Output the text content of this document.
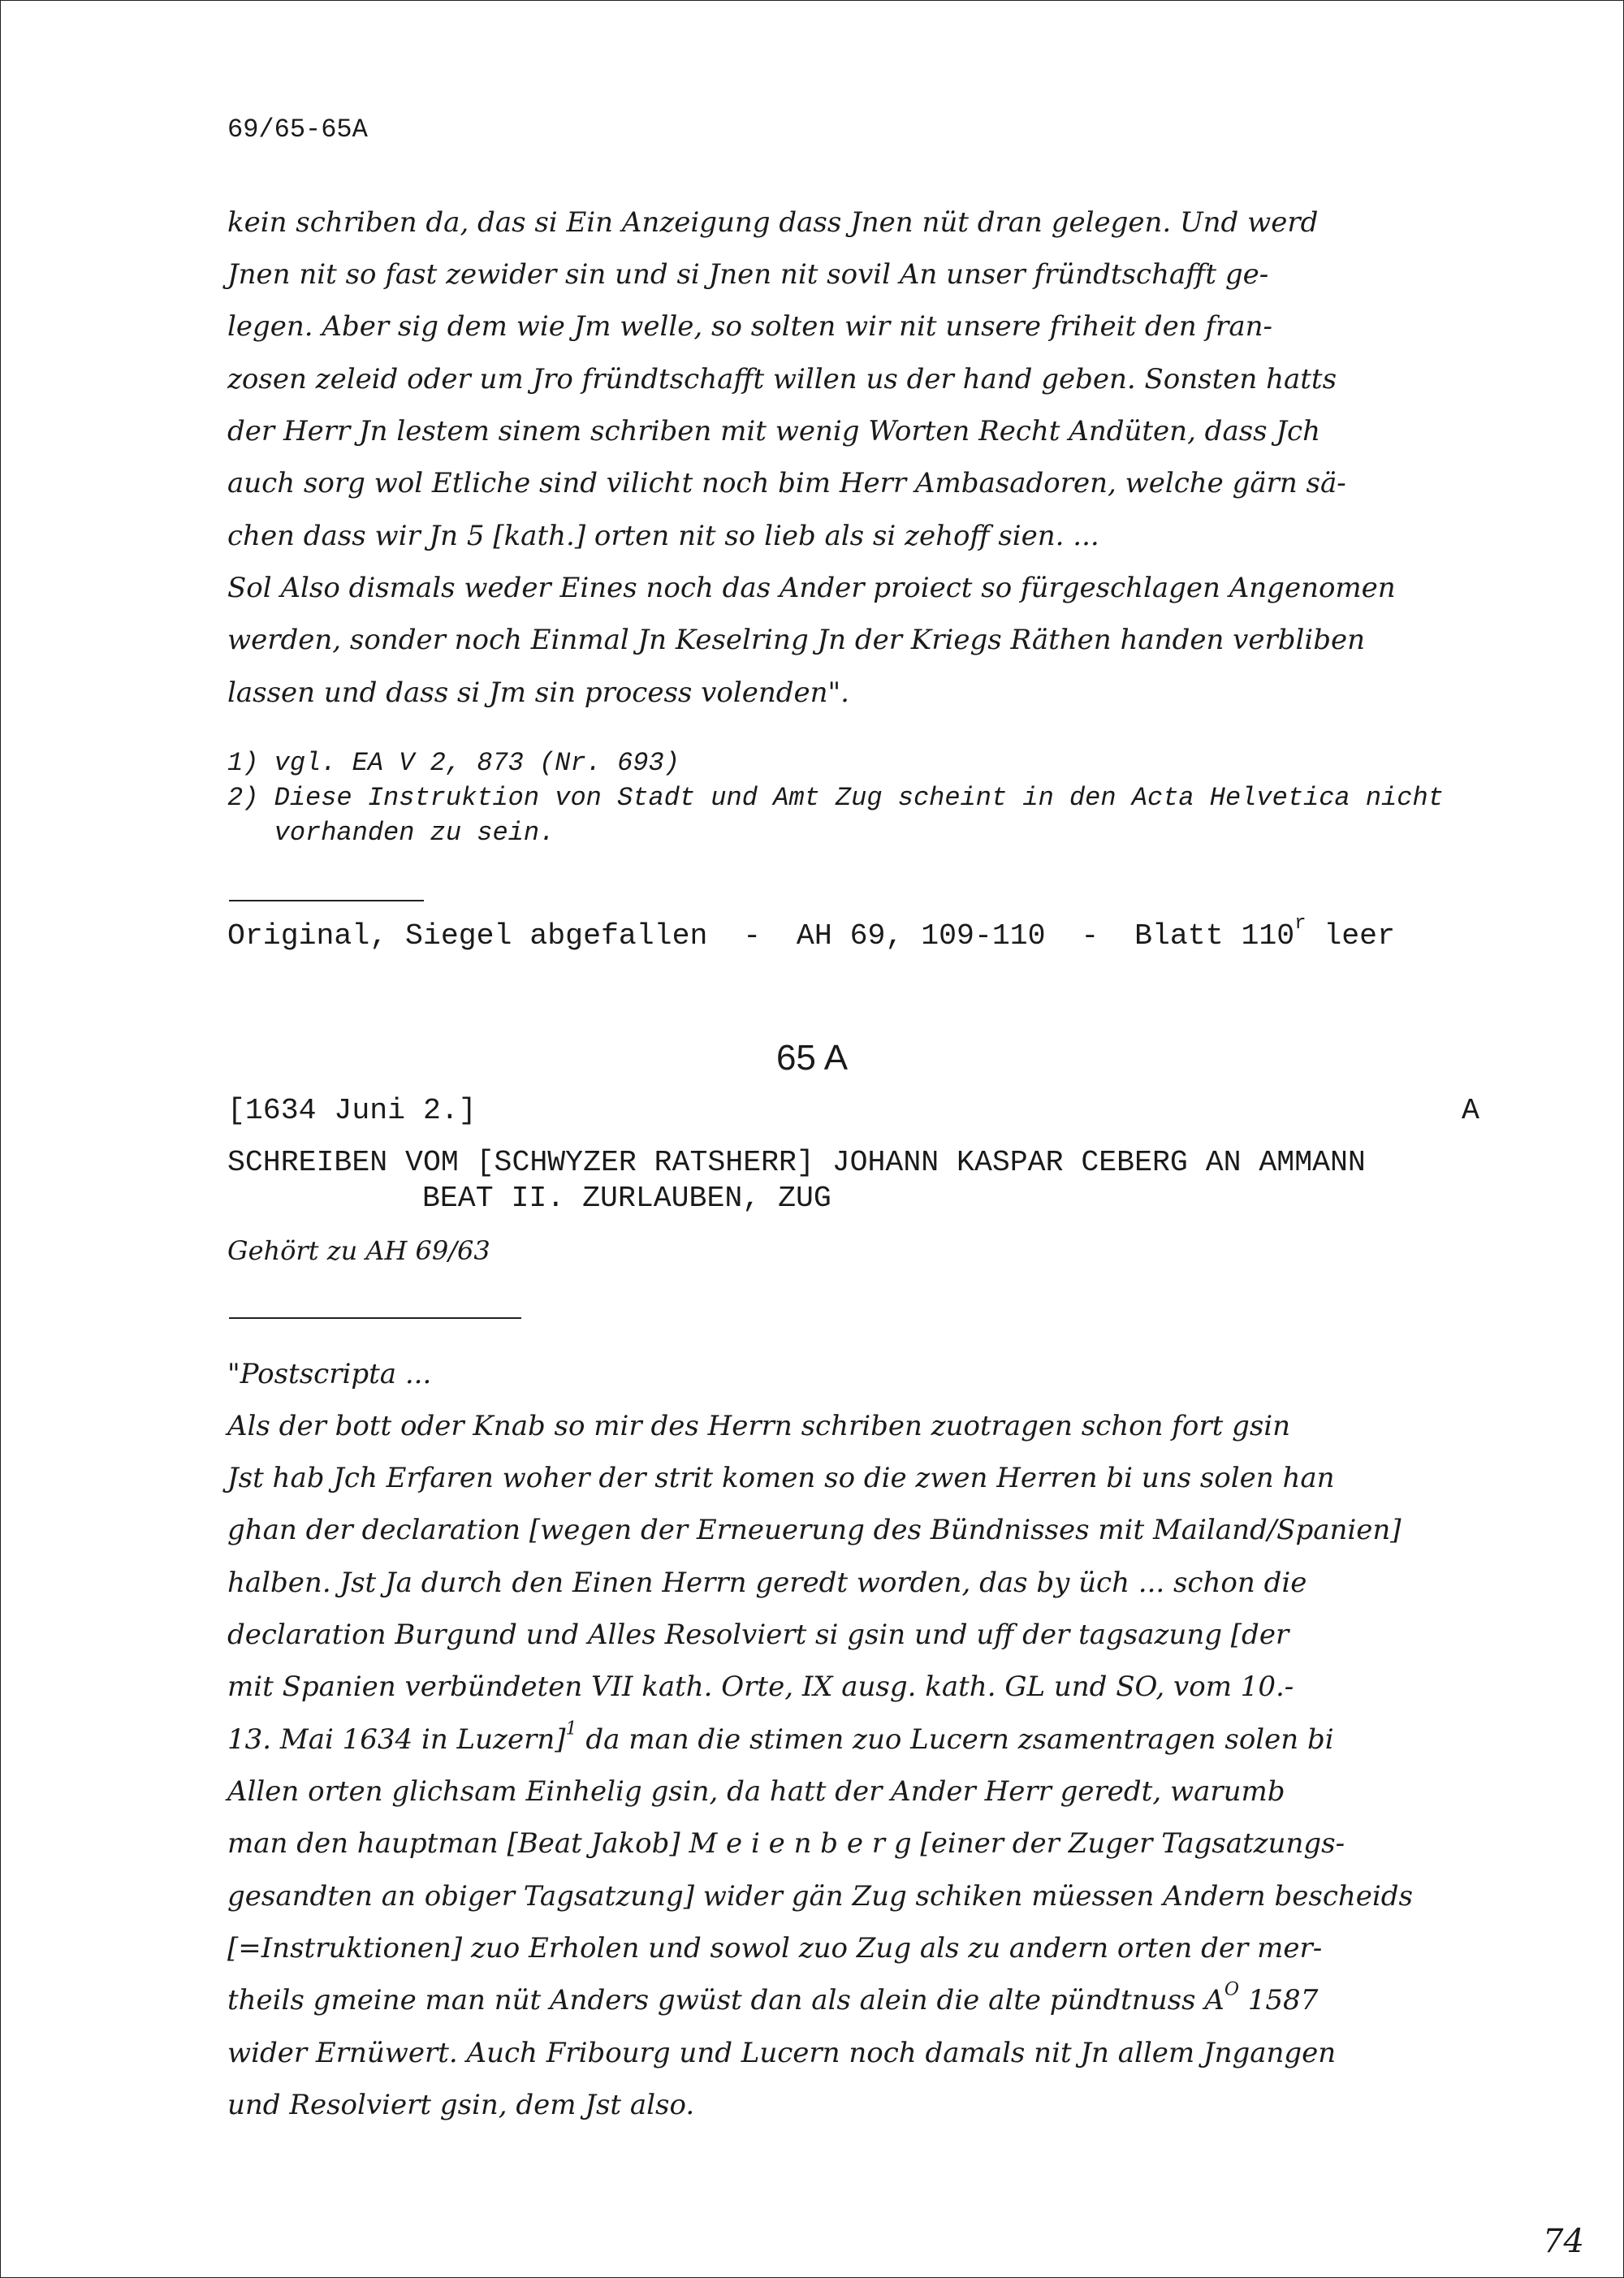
69/65-65A
kein schriben da, das si Ein Anzeigung dass Jnen nüt dran gelegen. Und werd
Jnen nit so fast zewider sin und si Jnen nit sovil An unser fründtschafft ge-
legen. Aber sig dem wie Jm welle, so solten wir nit unsere friheit den fran-
zosen zeleid oder um Jro fründtschafft willen us der hand geben. Sonsten hatts
der Herr Jn lestem sinem schriben mit wenig Worten Recht Andüten, dass Jch
auch sorg wol Etliche sind vilicht noch bim Herr Ambasadoren, welche gärn sä-
chen dass wir Jn 5 [kath.] orten nit so lieb als si zehoff sien. ...
Sol Also dismals weder Eines noch das Ander proiect so fürgeschlagen Angenomen
werden, sonder noch Einmal Jn Keselring Jn der Kriegs Räthen handen verbliben
lassen und dass si Jm sin process volenden".
1) vgl. EA V 2, 873 (Nr. 693)
2) Diese Instruktion von Stadt und Amt Zug scheint in den Acta Helvetica nicht
vorhanden zu sein.
Original, Siegel abgefallen  -  AH 69, 109-110  -  Blatt 110$^r$ leer
65 A
[1634 Juni 2.]	A
SCHREIBEN VOM [SCHWYZER RATSHERR] JOHANN KASPAR CEBERG AN AMMANN
BEAT II. ZURLAUBEN, ZUG
Gehört zu AH 69/63
"Postscripta ...
Als der bott oder Knab so mir des Herrn schriben zuotragen schon fort gsin
Jst hab Jch Erfaren woher der strit komen so die zwen Herren bi uns solen han
ghan der declaration [wegen der Erneuerung des Bündnisses mit Mailand/Spanien]
halben. Jst Ja durch den Einen Herrn geredt worden, das by üch ... schon die
declaration Burgund und Alles Resolviert si gsin und uff der tagsazung [der
mit Spanien verbündeten VII kath. Orte, IX ausg. kath. GL und SO, vom 10.-
13. Mai 1634 in Luzern]$^1$ da man die stimen zuo Lucern zsamentragen solen bi
Allen orten glichsam Einhelig gsin, da hatt der Ander Herr geredt, warumb
man den hauptman [Beat Jakob] M e i e n b e r g [einer der Zuger Tagsatzungs-
gesandten an obiger Tagsatzung] wider gän Zug schiken müessen Andern bescheids
[=Instruktionen] zuo Erholen und sowol zuo Zug als zu andern orten der mer-
theils gmeine man nüt Anders gwüst dan als alein die alte pündtnuss $A^O$ 1587
wider Ernüwert. Auch Fribourg und Lucern noch damals nit Jn allem Jngangen
und Resolviert gsin, dem Jst also.
74
